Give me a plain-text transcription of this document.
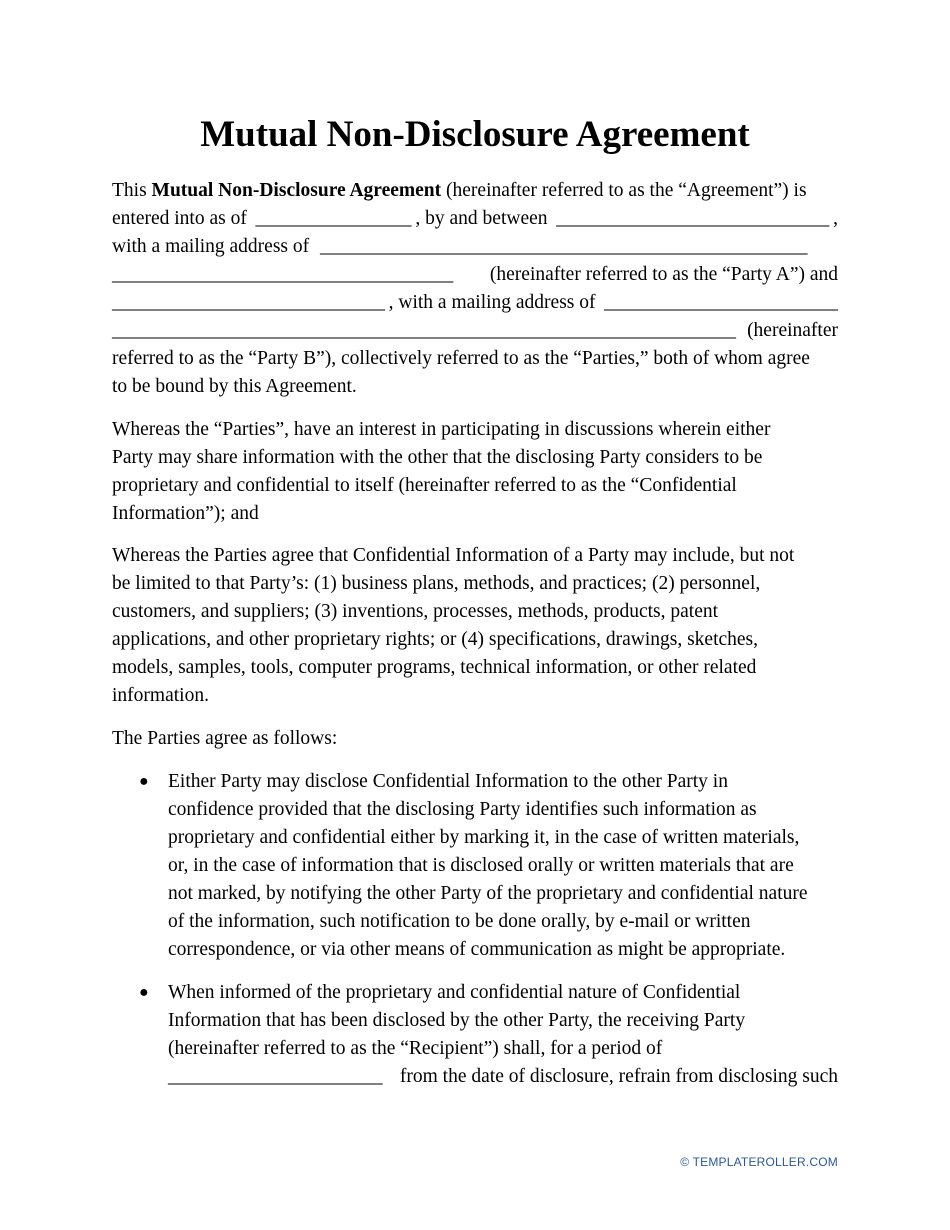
Mutual Non-Disclosure Agreement
This Mutual Non-Disclosure Agreement (hereinafter referred to as the “Agreement”) is
entered into as of ________________ , by and between ____________________________ ,
with a mailing address of __________________________________________________
___________________________________ (hereinafter referred to as the “Party A”) and
____________________________ , with a mailing address of ________________________
________________________________________________________________ (hereinafter
referred to as the “Party B”), collectively referred to as the “Parties,” both of whom agree
to be bound by this Agreement.
Whereas the “Parties”, have an interest in participating in discussions wherein either
Party may share information with the other that the disclosing Party considers to be
proprietary and confidential to itself (hereinafter referred to as the “Confidential
Information”); and
Whereas the Parties agree that Confidential Information of a Party may include, but not
be limited to that Party’s: (1) business plans, methods, and practices; (2) personnel,
customers, and suppliers; (3) inventions, processes, methods, products, patent
applications, and other proprietary rights; or (4) specifications, drawings, sketches,
models, samples, tools, computer programs, technical information, or other related
information.
The Parties agree as follows:
● Either Party may disclose Confidential Information to the other Party in
confidence provided that the disclosing Party identifies such information as
proprietary and confidential either by marking it, in the case of written materials,
or, in the case of information that is disclosed orally or written materials that are
not marked, by notifying the other Party of the proprietary and confidential nature
of the information, such notification to be done orally, by e-mail or written
correspondence, or via other means of communication as might be appropriate.
● When informed of the proprietary and confidential nature of Confidential
Information that has been disclosed by the other Party, the receiving Party
(hereinafter referred to as the “Recipient”) shall, for a period of
______________________ from the date of disclosure, refrain from disclosing such
© TEMPLATEROLLER.COM
